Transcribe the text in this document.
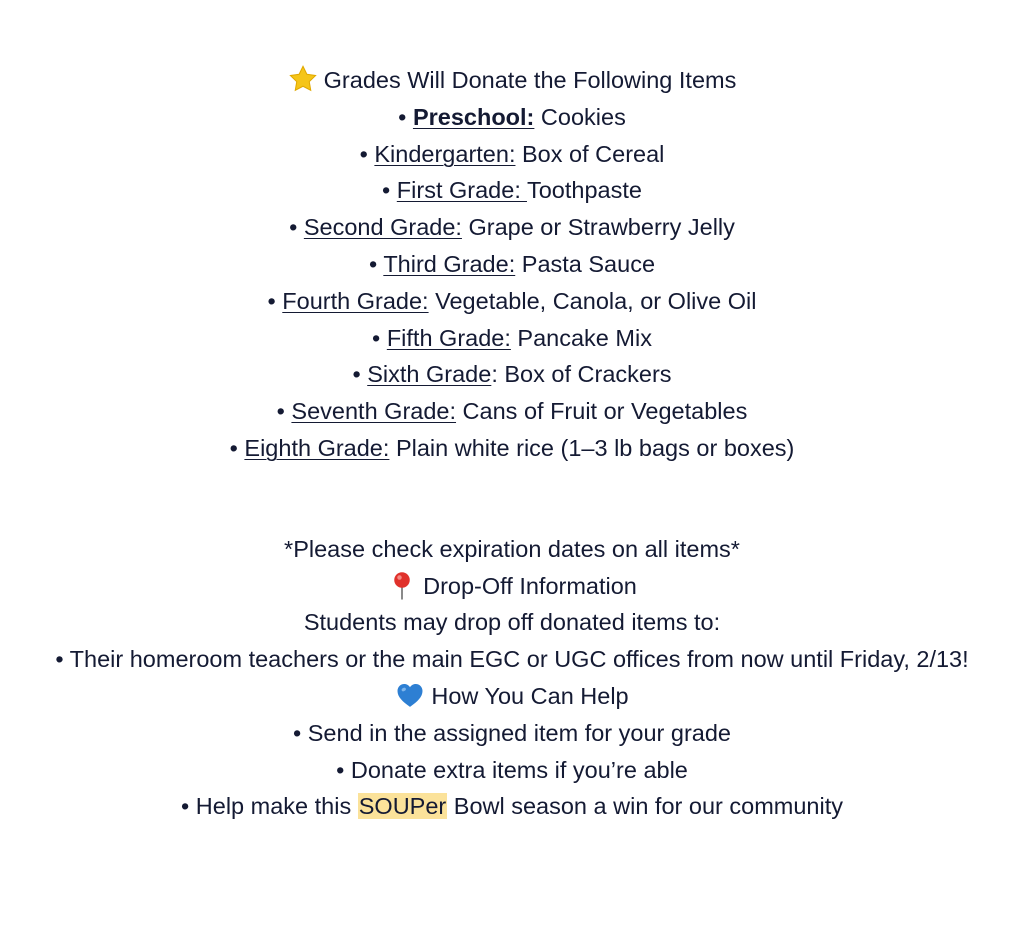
Grades Will Donate the Following Items
• Preschool: Cookies
• Kindergarten: Box of Cereal
• First Grade: Toothpaste
• Second Grade: Grape or Strawberry Jelly
• Third Grade: Pasta Sauce
• Fourth Grade: Vegetable, Canola, or Olive Oil
• Fifth Grade: Pancake Mix
• Sixth Grade: Box of Crackers
• Seventh Grade: Cans of Fruit or Vegetables
• Eighth Grade: Plain white rice (1–3 lb bags or boxes)
*Please check expiration dates on all items*
Drop-Off Information
Students may drop off donated items to:
• Their homeroom teachers or the main EGC or UGC offices from now until Friday, 2/13!
How You Can Help
• Send in the assigned item for your grade
• Donate extra items if you’re able
• Help make this SOUPer Bowl season a win for our community
